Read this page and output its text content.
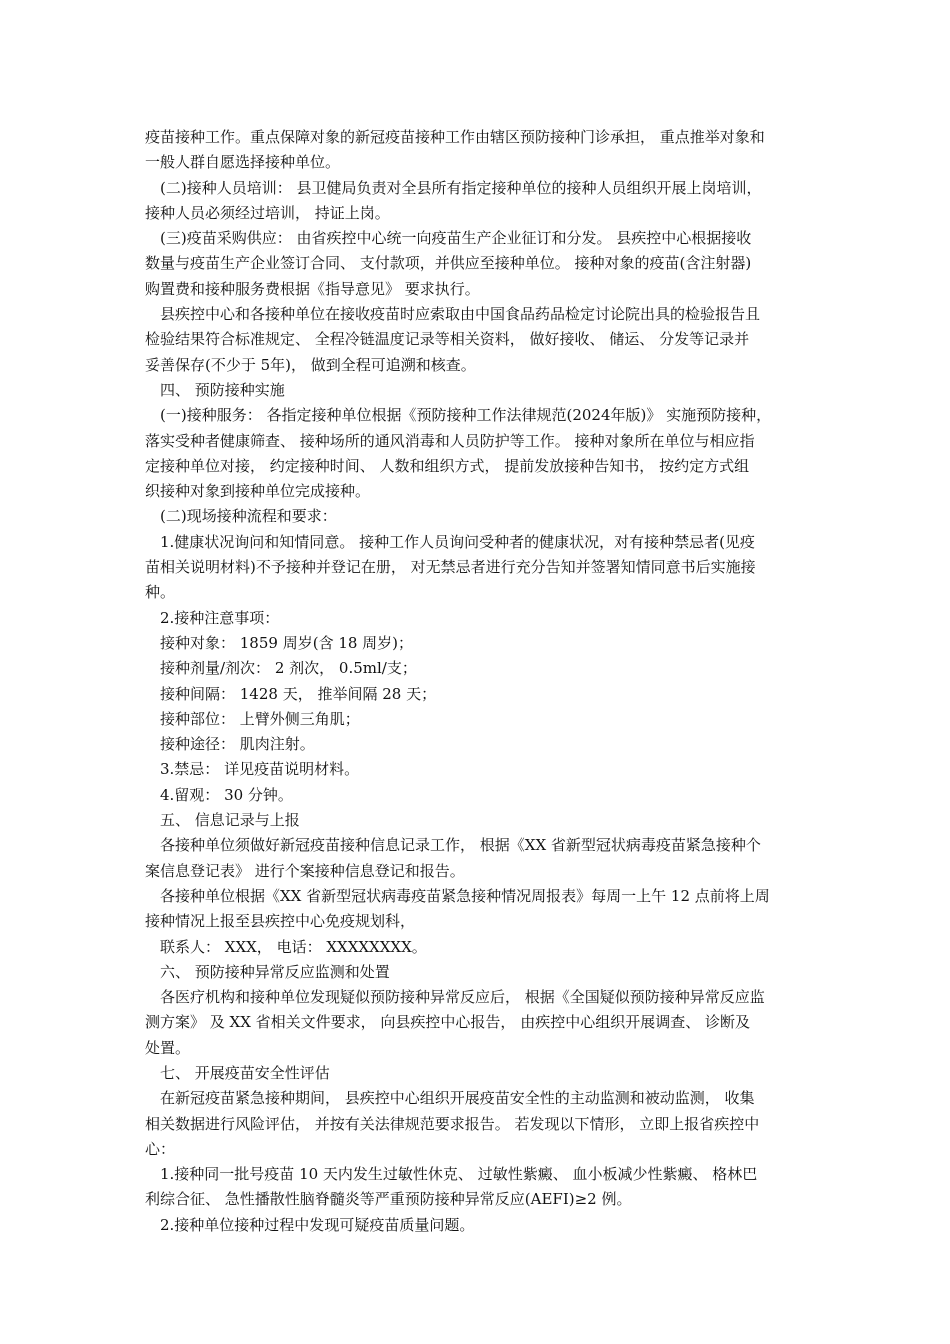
疫苗接种工作。重点保障对象的新冠疫苗接种工作由辖区预防接种门诊承担， 重点推举对象和
一般人群自愿选择接种单位。
(二)接种人员培训： 县卫健局负责对全县所有指定接种单位的接种人员组织开展上岗培训，
接种人员必须经过培训， 持证上岗。
(三)疫苗采购供应： 由省疾控中心统一向疫苗生产企业征订和分发。 县疾控中心根据接收
数量与疫苗生产企业签订合同、 支付款项，并供应至接种单位。 接种对象的疫苗(含注射器)
购置费和接种服务费根据《指导意见》 要求执行。
县疾控中心和各接种单位在接收疫苗时应索取由中国食品药品检定讨论院出具的检验报告且
检验结果符合标准规定、 全程冷链温度记录等相关资料， 做好接收、 储运、 分发等记录并
妥善保存(不少于 5年)， 做到全程可追溯和核查。
四、 预防接种实施
(一)接种服务： 各指定接种单位根据《预防接种工作法律规范(2024年版)》 实施预防接种，
落实受种者健康筛查、 接种场所的通风消毒和人员防护等工作。 接种对象所在单位与相应指
定接种单位对接， 约定接种时间、 人数和组织方式， 提前发放接种告知书， 按约定方式组
织接种对象到接种单位完成接种。
(二)现场接种流程和要求：
1.健康状况询问和知情同意。 接种工作人员询问受种者的健康状况，对有接种禁忌者(见疫
苗相关说明材料)不予接种并登记在册， 对无禁忌者进行充分告知并签署知情同意书后实施接
种。
2.接种注意事项：
接种对象： 1859 周岁(含 18 周岁)；
接种剂量/剂次： 2 剂次， 0.5ml/支；
接种间隔： 1428 天， 推举间隔 28 天；
接种部位： 上臂外侧三角肌；
接种途径： 肌肉注射。
3.禁忌： 详见疫苗说明材料。
4.留观： 30 分钟。
五、 信息记录与上报
各接种单位须做好新冠疫苗接种信息记录工作， 根据《XX 省新型冠状病毒疫苗紧急接种个
案信息登记表》 进行个案接种信息登记和报告。
各接种单位根据《XX 省新型冠状病毒疫苗紧急接种情况周报表》每周一上午 12 点前将上周
接种情况上报至县疾控中心免疫规划科，
联系人： XXX， 电话： XXXXXXXX。
六、 预防接种异常反应监测和处置
各医疗机构和接种单位发现疑似预防接种异常反应后， 根据《全国疑似预防接种异常反应监
测方案》 及 XX 省相关文件要求， 向县疾控中心报告， 由疾控中心组织开展调查、 诊断及
处置。
七、 开展疫苗安全性评估
在新冠疫苗紧急接种期间， 县疾控中心组织开展疫苗安全性的主动监测和被动监测， 收集
相关数据进行风险评估， 并按有关法律规范要求报告。 若发现以下情形， 立即上报省疾控中
心：
1.接种同一批号疫苗 10 天内发生过敏性休克、 过敏性紫癜、 血小板减少性紫癜、 格林巴
利综合征、 急性播散性脑脊髓炎等严重预防接种异常反应(AEFI)≥2 例。
2.接种单位接种过程中发现可疑疫苗质量问题。
